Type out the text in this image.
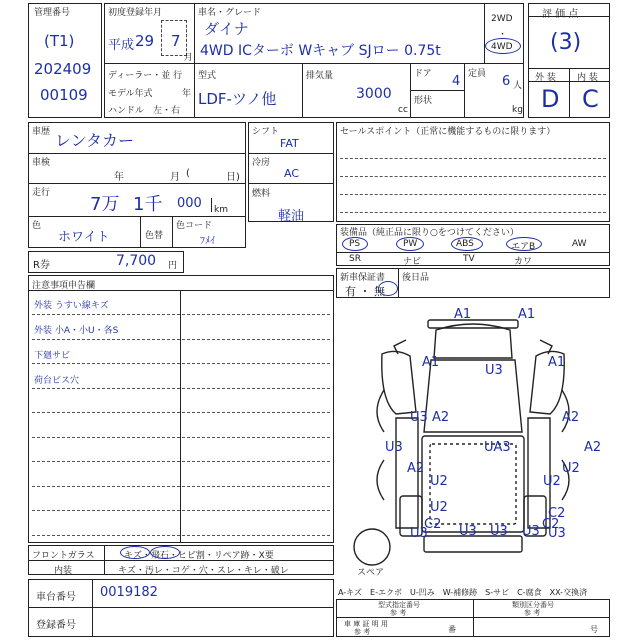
管理番号
(T1)
202409
00109
初度登録年月
平成 29 7
月
車名・グレード
ダイナ
4WD ICターボ Wキャブ SJロー 0.75t
2WD
・
4WD
ディーラー・並 行
モデル年式	年
ハンドル　左・右
型式
LDF-ツノ他
排気量
3000
cc
ドア 4
形状
定員 6 人
kg
評 価 点
(3)
外 装 内 装
D C
車歴 レンタカー
車検
年	月 (	日)
走行
7万 1千 000 km
色
ホワイト	色替
色コード
ﾌﾒｲ
シフト
FAT
冷房
AC
燃料
軽油
セールスポイント（正常に機能するものに限ります）
装備品（純正品に限り○をつけてください）
PS	PW	ABS	エアB	AW
SR	ナビ	TV	カワ
R券	7,700 円
新車保証書
有 ・ 無
後日品
注意事項申告欄
外装 うすい線キズ
外装 小A・小U・各S
下廻サビ
荷台ビス穴
A1	A1
A1
U3
A1
U3 A2
U3
A2
A2
UA3
A2
U2	U2
U2
U2
C2
C2
C2
U3 U3 U3 U3 U3
スペア
フロントガラス	キズ・飛石・ヒビ割・リペア跡・X要
内装	キズ・汚レ・コゲ・穴・スレ・キレ・破レ
車台番号 0019182
登録番号
A-キズ　E-エクボ　U-凹み　W-補修跡　S-サビ　C-腐食　XX-交換済
型式指定番号
参 考
類別区分番号
参 考
車 庫 証 明 用
参 考	番	号
